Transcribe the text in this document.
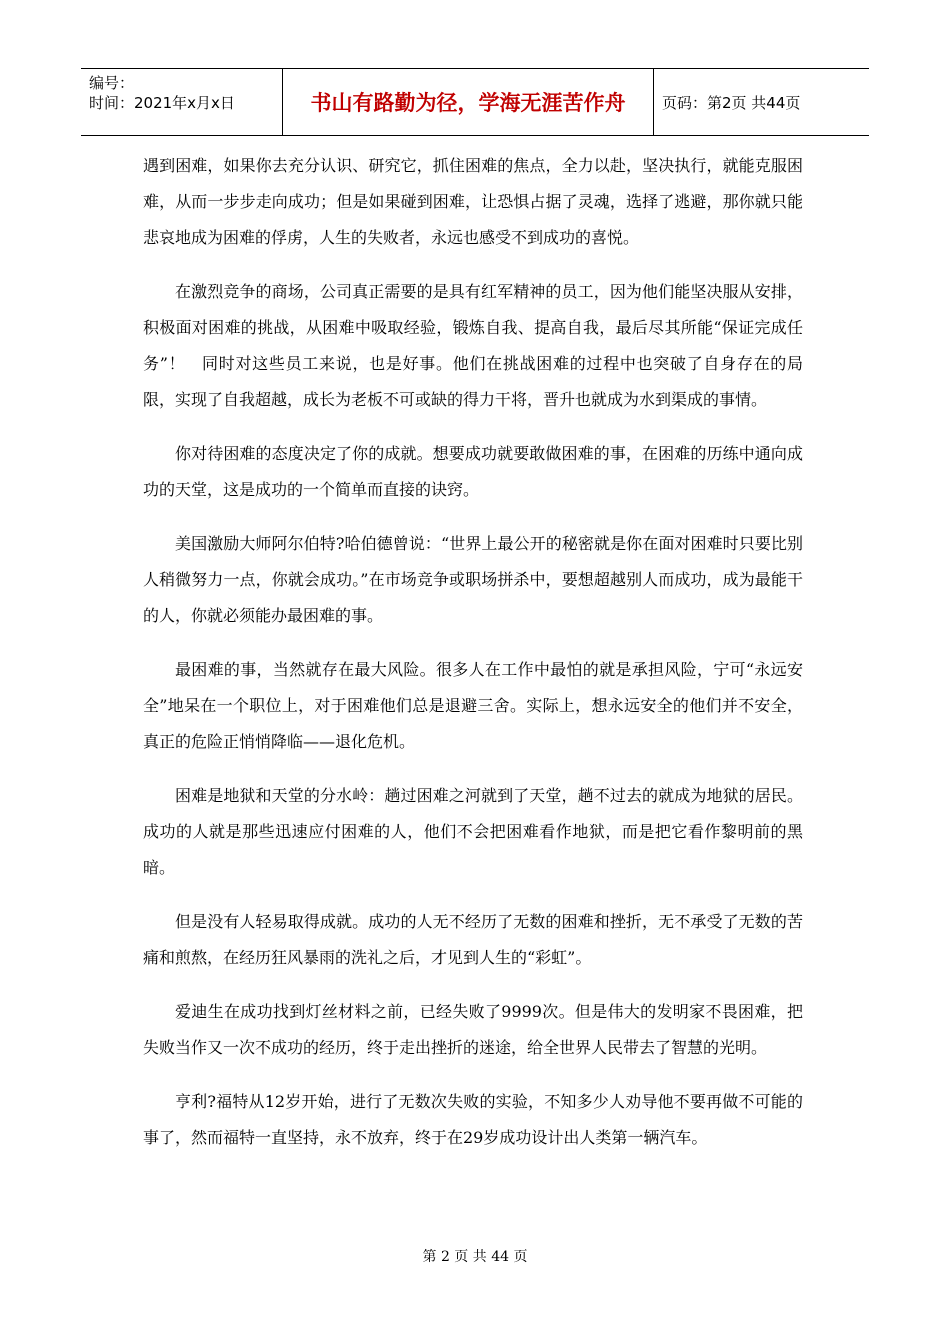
编号：
时间：2021年x月x日	书山有路勤为径，学海无涯苦作舟	页码：第2页 共44页

遇到困难，如果你去充分认识、研究它，抓住困难的焦点，全力以赴，坚决执行，就能克服困难，从而一步步走向成功；但是如果碰到困难，让恐惧占据了灵魂，选择了逃避，那你就只能悲哀地成为困难的俘虏，人生的失败者，永远也感受不到成功的喜悦。

在激烈竞争的商场，公司真正需要的是具有红军精神的员工，因为他们能坚决服从安排，积极面对困难的挑战，从困难中吸取经验，锻炼自我、提高自我，最后尽其所能“保证完成任务”！　同时对这些员工来说，也是好事。他们在挑战困难的过程中也突破了自身存在的局限，实现了自我超越，成长为老板不可或缺的得力干将，晋升也就成为水到渠成的事情。

你对待困难的态度决定了你的成就。想要成功就要敢做困难的事，在困难的历练中通向成功的天堂，这是成功的一个简单而直接的诀窍。

美国激励大师阿尔伯特?哈伯德曾说：“世界上最公开的秘密就是你在面对困难时只要比别人稍微努力一点，你就会成功。”在市场竞争或职场拼杀中，要想超越别人而成功，成为最能干的人，你就必须能办最困难的事。

最困难的事，当然就存在最大风险。很多人在工作中最怕的就是承担风险，宁可“永远安全”地呆在一个职位上，对于困难他们总是退避三舍。实际上，想永远安全的他们并不安全，真正的危险正悄悄降临——退化危机。

困难是地狱和天堂的分水岭：趟过困难之河就到了天堂，趟不过去的就成为地狱的居民。成功的人就是那些迅速应付困难的人，他们不会把困难看作地狱，而是把它看作黎明前的黑暗。

但是没有人轻易取得成就。成功的人无不经历了无数的困难和挫折，无不承受了无数的苦痛和煎熬，在经历狂风暴雨的洗礼之后，才见到人生的“彩虹”。

爱迪生在成功找到灯丝材料之前，已经失败了9999次。但是伟大的发明家不畏困难，把失败当作又一次不成功的经历，终于走出挫折的迷途，给全世界人民带去了智慧的光明。

亨利?福特从12岁开始，进行了无数次失败的实验，不知多少人劝导他不要再做不可能的事了，然而福特一直坚持，永不放弃，终于在29岁成功设计出人类第一辆汽车。

第 2 页 共 44 页
